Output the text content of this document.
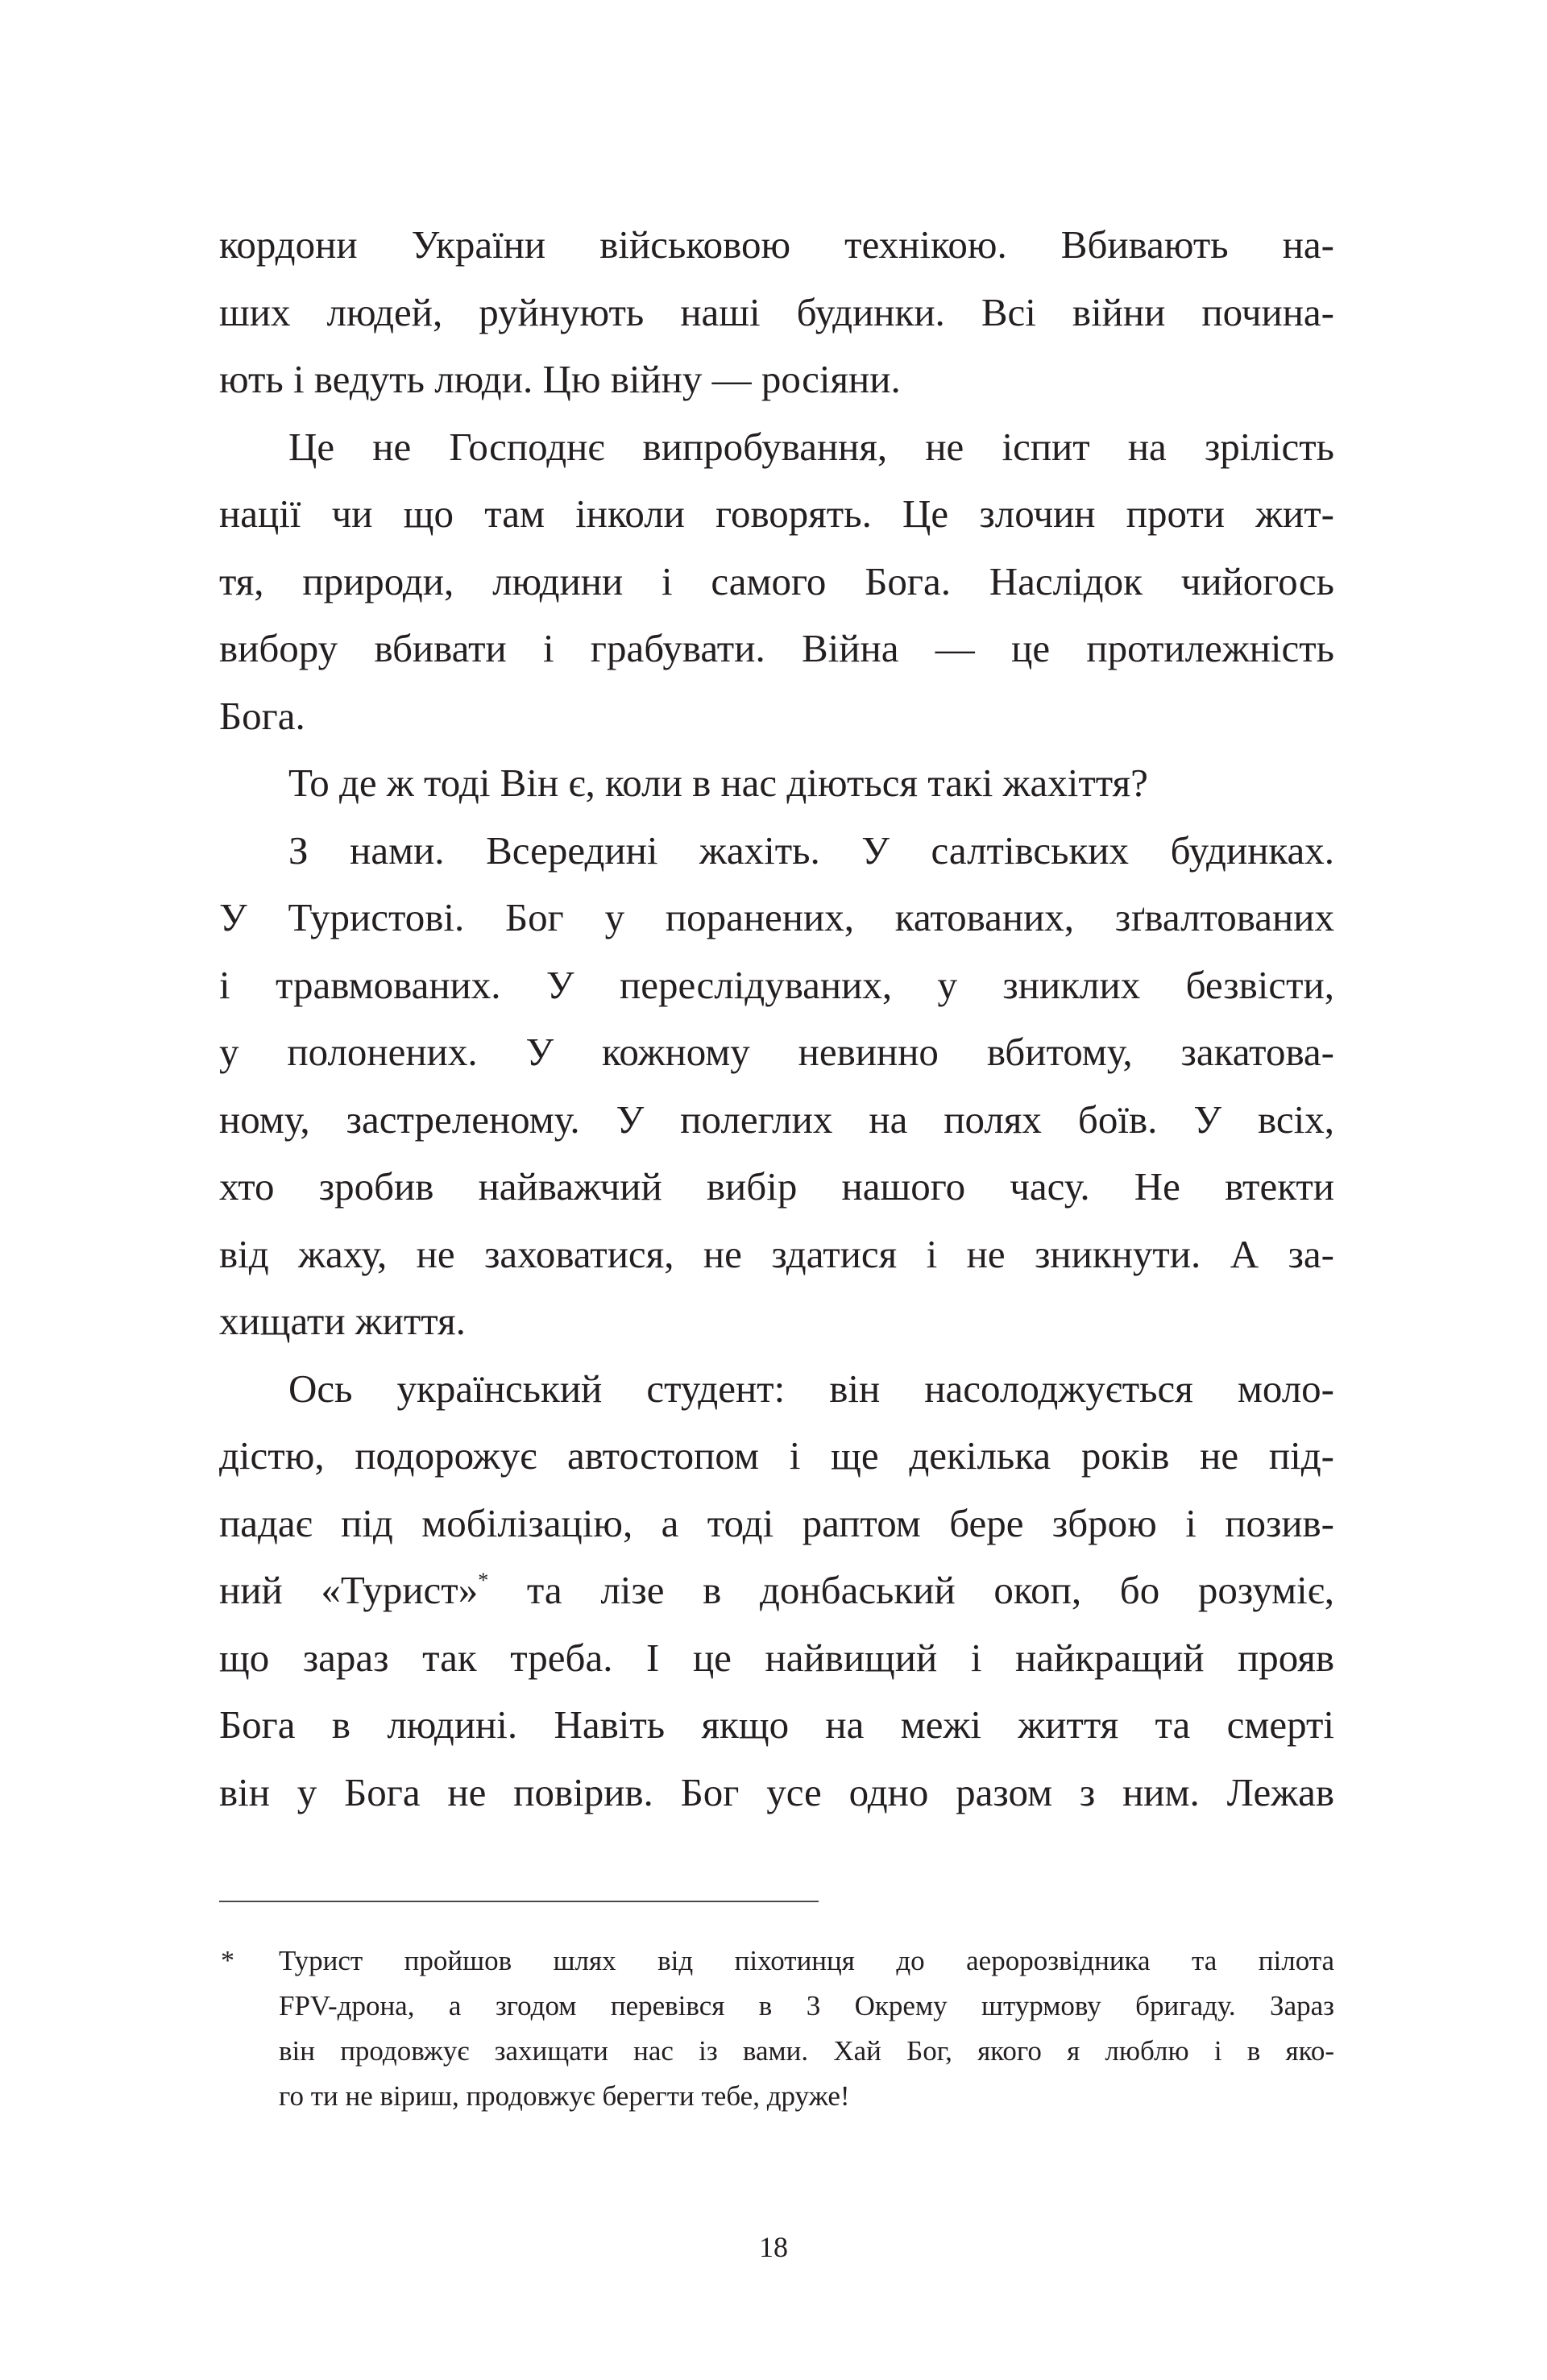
кордони України військовою технікою. Вбивають на-
ших людей, руйнують наші будинки. Всі війни почина-
ють і ведуть люди. Цю війну — росіяни.
Це не Господнє випробування, не іспит на зрілість
нації чи що там інколи говорять. Це злочин проти жит-
тя, природи, людини і самого Бога. Наслідок чийогось
вибору вбивати і грабувати. Війна — це протилежність
Бога.
То де ж тоді Він є, коли в нас діються такі жахіття?
З нами. Всередині жахіть. У салтівських будинках.
У Туристові. Бог у поранених, катованих, зґвалтованих
і травмованих. У переслідуваних, у зниклих безвісти,
у полонених. У кожному невинно вбитому, закатова-
ному, застреленому. У полеглих на полях боїв. У всіх,
хто зробив найважчий вибір нашого часу. Не втекти
від жаху, не заховатися, не здатися і не зникнути. А за-
хищати життя.
Ось український студент: він насолоджується моло-
дістю, подорожує автостопом і ще декілька років не під-
падає під мобілізацію, а тоді раптом бере зброю і позив-
ний «Турист»* та лізе в донбаський окоп, бо розуміє,
що зараз так треба. І це найвищий і найкращий прояв
Бога в людині. Навіть якщо на межі життя та смерті
він у Бога не повірив. Бог усе одно разом з ним. Лежав
* Турист пройшов шлях від піхотинця до аеророзвідника та пілота
FPV-дрона, а згодом перевівся в 3 Окрему штурмову бригаду. Зараз
він продовжує захищати нас із вами. Хай Бог, якого я люблю і в яко-
го ти не віриш, продовжує берегти тебе, друже!
18
